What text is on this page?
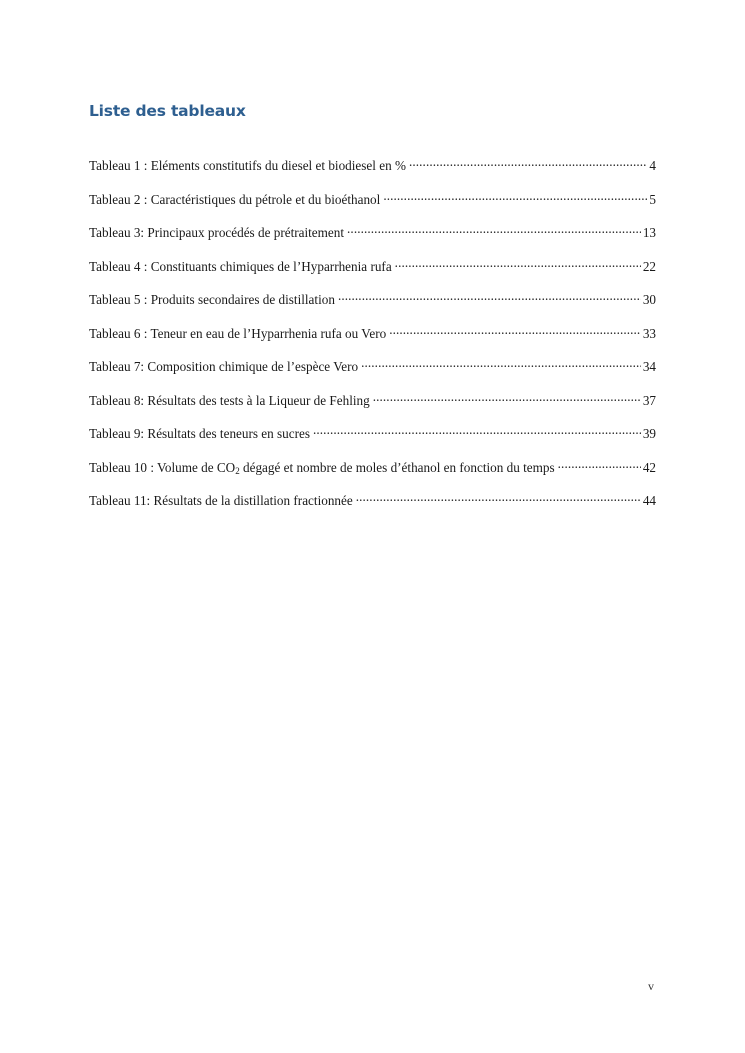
Liste des tableaux
Tableau 1 : Eléments constitutifs du diesel et biodiesel en % . . .	4
Tableau 2 : Caractéristiques du pétrole et du bioéthanol . . .	5
Tableau 3: Principaux procédés de prétraitement . . .	13
Tableau 4 : Constituants chimiques de l’Hyparrhenia rufa . . .	22
Tableau 5 : Produits secondaires de distillation . . .	30
Tableau 6 : Teneur en eau de l’Hyparrhenia rufa ou Vero . . .	33
Tableau 7: Composition chimique de l’espèce Vero . . .	34
Tableau 8: Résultats des tests à la Liqueur de Fehling . . .	37
Tableau 9: Résultats des teneurs en sucres . . .	39
Tableau 10 : Volume de $CO_2$ dégagé et nombre de moles d’éthanol en fonction du temps . . .	42
Tableau 11: Résultats de la distillation fractionnée . . .	44
v
